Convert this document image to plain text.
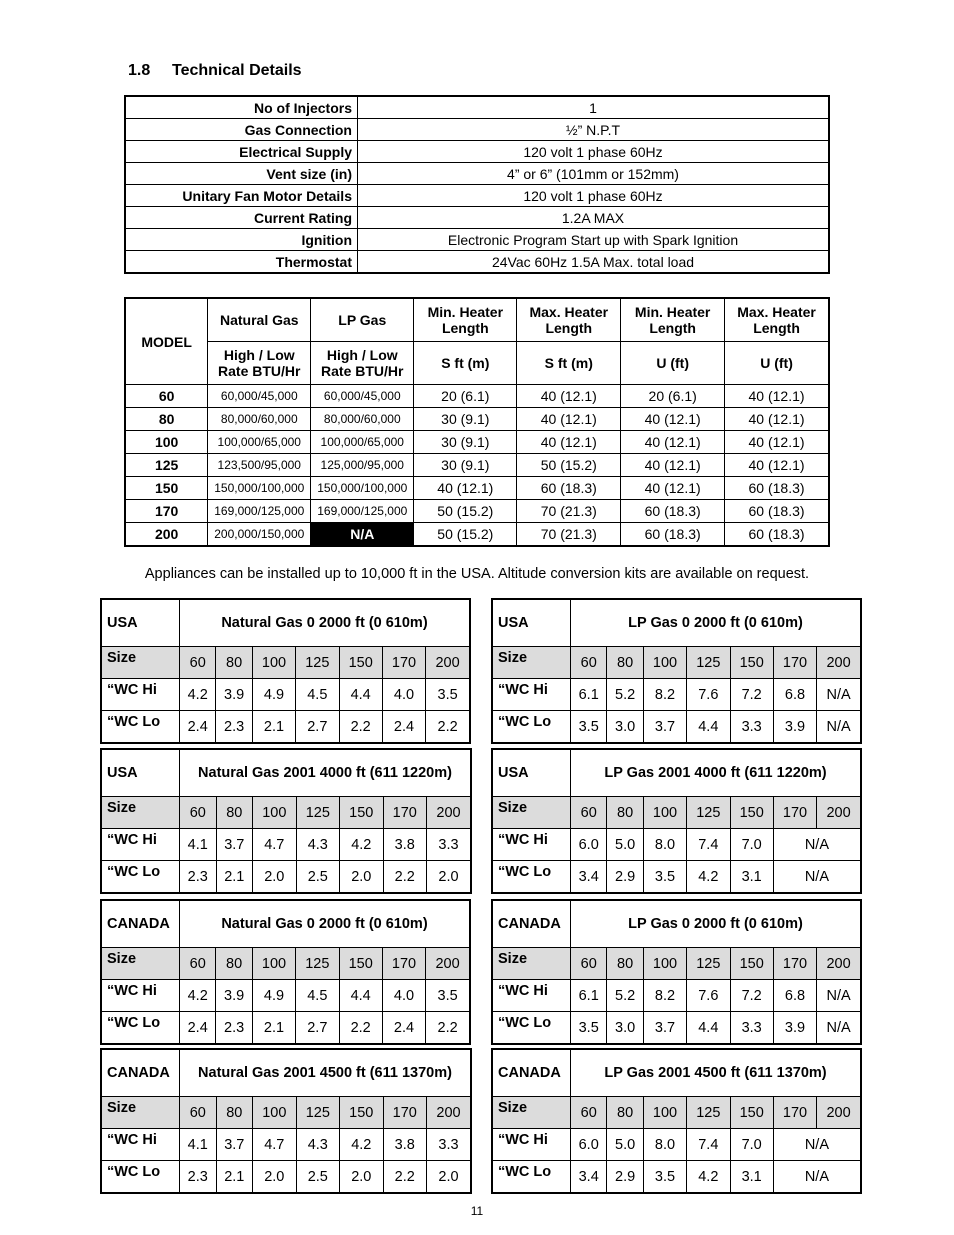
1.8 Technical Details
No of Injectors	1
Gas Connection	½” N.P.T
Electrical Supply	120 volt 1 phase 60Hz
Vent size (in)	4” or 6” (101mm or 152mm)
Unitary Fan Motor Details	120 volt 1 phase 60Hz
Current Rating	1.2A MAX
Ignition	Electronic Program Start up with Spark Ignition
Thermostat	24Vac 60Hz 1.5A Max. total load
MODEL	Natural Gas	LP Gas	Min. Heater Length	Max. Heater Length	Min. Heater Length	Max. Heater Length
	High / Low Rate BTU/Hr	High / Low Rate BTU/Hr	S ft (m)	S ft (m)	U (ft)	U (ft)
60	60,000/45,000	60,000/45,000	20 (6.1)	40 (12.1)	20 (6.1)	40 (12.1)
80	80,000/60,000	80,000/60,000	30 (9.1)	40 (12.1)	40 (12.1)	40 (12.1)
100	100,000/65,000	100,000/65,000	30 (9.1)	40 (12.1)	40 (12.1)	40 (12.1)
125	123,500/95,000	125,000/95,000	30 (9.1)	50 (15.2)	40 (12.1)	40 (12.1)
150	150,000/100,000	150,000/100,000	40 (12.1)	60 (18.3)	40 (12.1)	60 (18.3)
170	169,000/125,000	169,000/125,000	50 (15.2)	70 (21.3)	60 (18.3)	60 (18.3)
200	200,000/150,000	N/A	50 (15.2)	70 (21.3)	60 (18.3)	60 (18.3)
Appliances can be installed up to 10,000 ft in the USA. Altitude conversion kits are available on request.
USA	Natural Gas 0 2000 ft (0 610m)						
Size	60	80	100	125	150	170	200
“WC Hi	4.2	3.9	4.9	4.5	4.4	4.0	3.5
“WC Lo	2.4	2.3	2.1	2.7	2.2	2.4	2.2
USA	LP Gas 0 2000 ft (0 610m)						
Size	60	80	100	125	150	170	200
“WC Hi	6.1	5.2	8.2	7.6	7.2	6.8	N/A
“WC Lo	3.5	3.0	3.7	4.4	3.3	3.9	N/A
USA	Natural Gas 2001 4000 ft (611 1220m)						
Size	60	80	100	125	150	170	200
“WC Hi	4.1	3.7	4.7	4.3	4.2	3.8	3.3
“WC Lo	2.3	2.1	2.0	2.5	2.0	2.2	2.0
USA	LP Gas 2001 4000 ft (611 1220m)						
Size	60	80	100	125	150	170	200
“WC Hi	6.0	5.0	8.0	7.4	7.0	N/A	
“WC Lo	3.4	2.9	3.5	4.2	3.1	N/A	
CANADA	Natural Gas 0 2000 ft (0 610m)						
Size	60	80	100	125	150	170	200
“WC Hi	4.2	3.9	4.9	4.5	4.4	4.0	3.5
“WC Lo	2.4	2.3	2.1	2.7	2.2	2.4	2.2
CANADA	LP Gas 0 2000 ft (0 610m)						
Size	60	80	100	125	150	170	200
“WC Hi	6.1	5.2	8.2	7.6	7.2	6.8	N/A
“WC Lo	3.5	3.0	3.7	4.4	3.3	3.9	N/A
CANADA	Natural Gas 2001 4500 ft (611 1370m)						
Size	60	80	100	125	150	170	200
“WC Hi	4.1	3.7	4.7	4.3	4.2	3.8	3.3
“WC Lo	2.3	2.1	2.0	2.5	2.0	2.2	2.0
CANADA	LP Gas 2001 4500 ft (611 1370m)						
Size	60	80	100	125	150	170	200
“WC Hi	6.0	5.0	8.0	7.4	7.0	N/A	
“WC Lo	3.4	2.9	3.5	4.2	3.1	N/A	
11
